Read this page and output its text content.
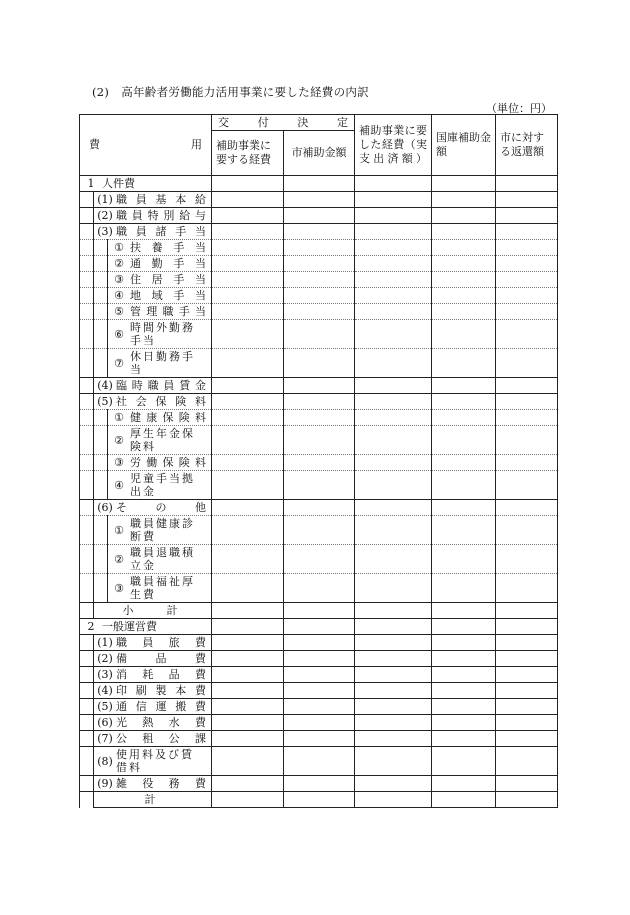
(2) 高年齢者労働能力活用事業に要した経費の内訳
（単位：円）
費 用			交　付　決　定		補助事業に要した経費（実支出済額）	国庫補助金額	市に対する返還額
			補助事業に要する経費	市補助金額			

1 人件費							

	(1) 職員基本給						

	(2) 職員特別給与						

	(3) 職員諸手当						

		① 扶養手当					

		② 通勤手当					

		③ 住居手当					

		④ 地域手当					

		⑤ 管理職手当					

		⑥ 時間外勤務手当					

		⑦ 休日勤務手当					

	(4) 臨時職員賃金						

	(5) 社会保険料						

		① 健康保険料					

		② 厚生年金保険料					

		③ 労働保険料					

		④ 児童手当拠出金					

	(6) その他						

		① 職員健康診断費					

		② 職員退職積立金					

		③ 職員福祉厚生費					

	小　　　計						

2 一般運営費							

	(1) 職員旅費						

	(2) 備品費						

	(3) 消耗品費						

	(4) 印刷製本費						

	(5) 通信運搬費						

	(6) 光熱水費						

	(7) 公租公課						

	(8) 使用料及び賃借料						

	(9) 雑役務費						

	計						
